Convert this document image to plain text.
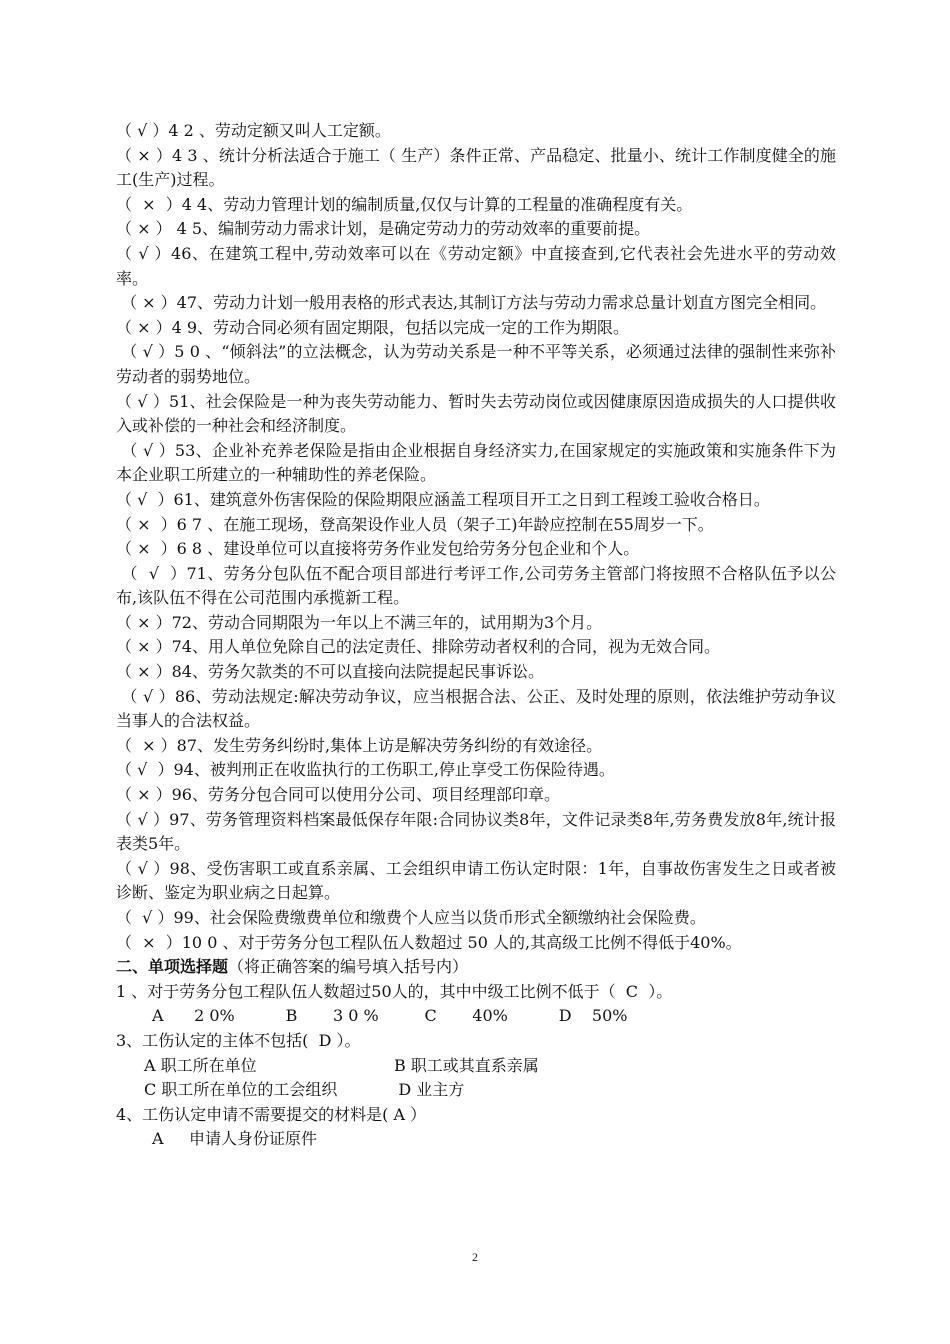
（ √ ）4 2 、劳动定额又叫人工定额。

（ × ）4 3 、统计分析法适合于施工（ 生产）条件正常、产品稳定、批量小、统计工作制度健全的施工(生产)过程。

（  ×  ）4 4、劳动力管理计划的编制质量,仅仅与计算的工程量的准确程度有关。

（ × ） 4 5、编制劳动力需求计划，是确定劳动力的劳动效率的重要前提。

（ √ ）46、在建筑工程中,劳动效率可以在《劳动定额》中直接查到,它代表社会先进水平的劳动效率。

（ × ）47、劳动力计划一般用表格的形式表达,其制订方法与劳动力需求总量计划直方图完全相同。

（ × ）4 9、劳动合同必须有固定期限，包括以完成一定的工作为期限。

（ √ ）5 0 、“倾斜法”的立法概念，认为劳动关系是一种不平等关系，必须通过法律的强制性来弥补劳动者的弱势地位。

（ √ ）51、社会保险是一种为丧失劳动能力、暂时失去劳动岗位或因健康原因造成损失的人口提供收入或补偿的一种社会和经济制度。

（ √ ）53、企业补充养老保险是指由企业根据自身经济实力,在国家规定的实施政策和实施条件下为本企业职工所建立的一种辅助性的养老保险。

（ √  ）61、建筑意外伤害保险的保险期限应涵盖工程项目开工之日到工程竣工验收合格日。

（ ×  ）6 7 、在施工现场，登高架设作业人员（架子工)年龄应控制在55周岁一下。

（ ×  ）6 8 、建设单位可以直接将劳务作业发包给劳务分包企业和个人。

（  √  ）71、劳务分包队伍不配合项目部进行考评工作,公司劳务主管部门将按照不合格队伍予以公布,该队伍不得在公司范围内承揽新工程。

（ × ）72、劳动合同期限为一年以上不满三年的，试用期为3个月。

（ × ）74、用人单位免除自己的法定责任、排除劳动者权利的合同，视为无效合同。

（ × ）84、劳务欠款类的不可以直接向法院提起民事诉讼。

（ √ ）86、劳动法规定:解决劳动争议，应当根据合法、公正、及时处理的原则，依法维护劳动争议当事人的合法权益。

（  × ）87、发生劳务纠纷时,集体上访是解决劳务纠纷的有效途径。

（ √  ）94、被判刑正在收监执行的工伤职工,停止享受工伤保险待遇。

（ × ）96、劳务分包合同可以使用分公司、项目经理部印章。

（ √ ）97、劳务管理资料档案最低保存年限:合同协议类8年，文件记录类8年,劳务费发放8年,统计报表类5年。

（ √ ）98、受伤害职工或直系亲属、工会组织申请工伤认定时限：1年，自事故伤害发生之日或者被诊断、鉴定为职业病之日起算。

（  √ ）99、社会保险费缴费单位和缴费个人应当以货币形式全额缴纳社会保险费。

（  ×  ）10 0 、对于劳务分包工程队伍人数超过 50 人的,其高级工比例不得低于40%。

二、单项选择题（将正确答案的编号填入括号内）
1 、对于劳务分包工程队伍人数超过50人的，其中中级工比例不低于（  C  ）。
A      2 0%          B       3 0 %         C       40%          D    50%
3、工伤认定的主体不包括(  D ）。
A 职工所在单位                           B 职工或其直系亲属
C 职工所在单位的工会组织            D 业主方
4、工伤认定申请不需要提交的材料是( A ）
A     申请人身份证原件
2
